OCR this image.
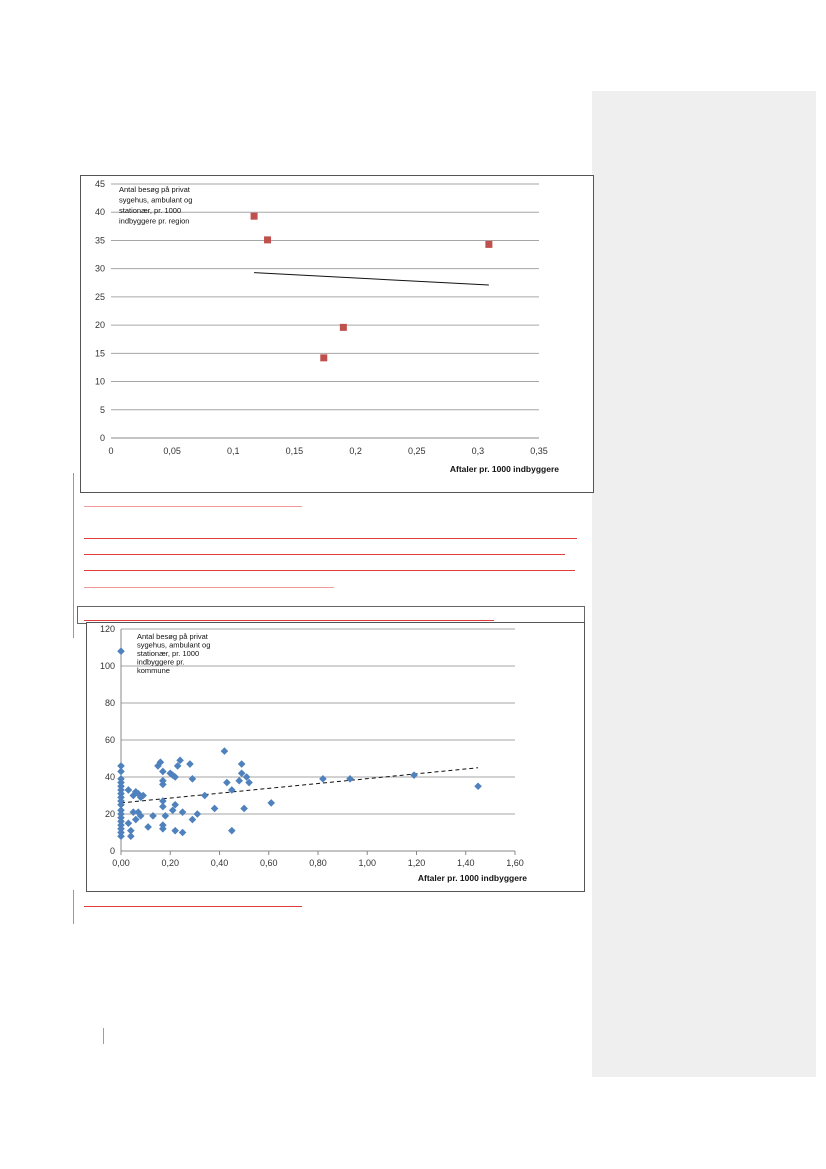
0
5
10
15
20
25
30
35
40
45
0	0,05	0,1	0,15	0,2	0,25	0,3	0,35
Aftaler pr. 1000 indbyggere
Antal besøg på privat
sygehus, ambulant og
stationær, pr. 1000
indbyggere pr. region
0
20
40
60
80
100
120
0,00	0,20	0,40	0,60	0,80	1,00	1,20	1,40	1,60
Aftaler pr. 1000 indbyggere
Antal besøg på privat
sygehus, ambulant og
stationær, pr. 1000
indbyggere pr.
kommune
